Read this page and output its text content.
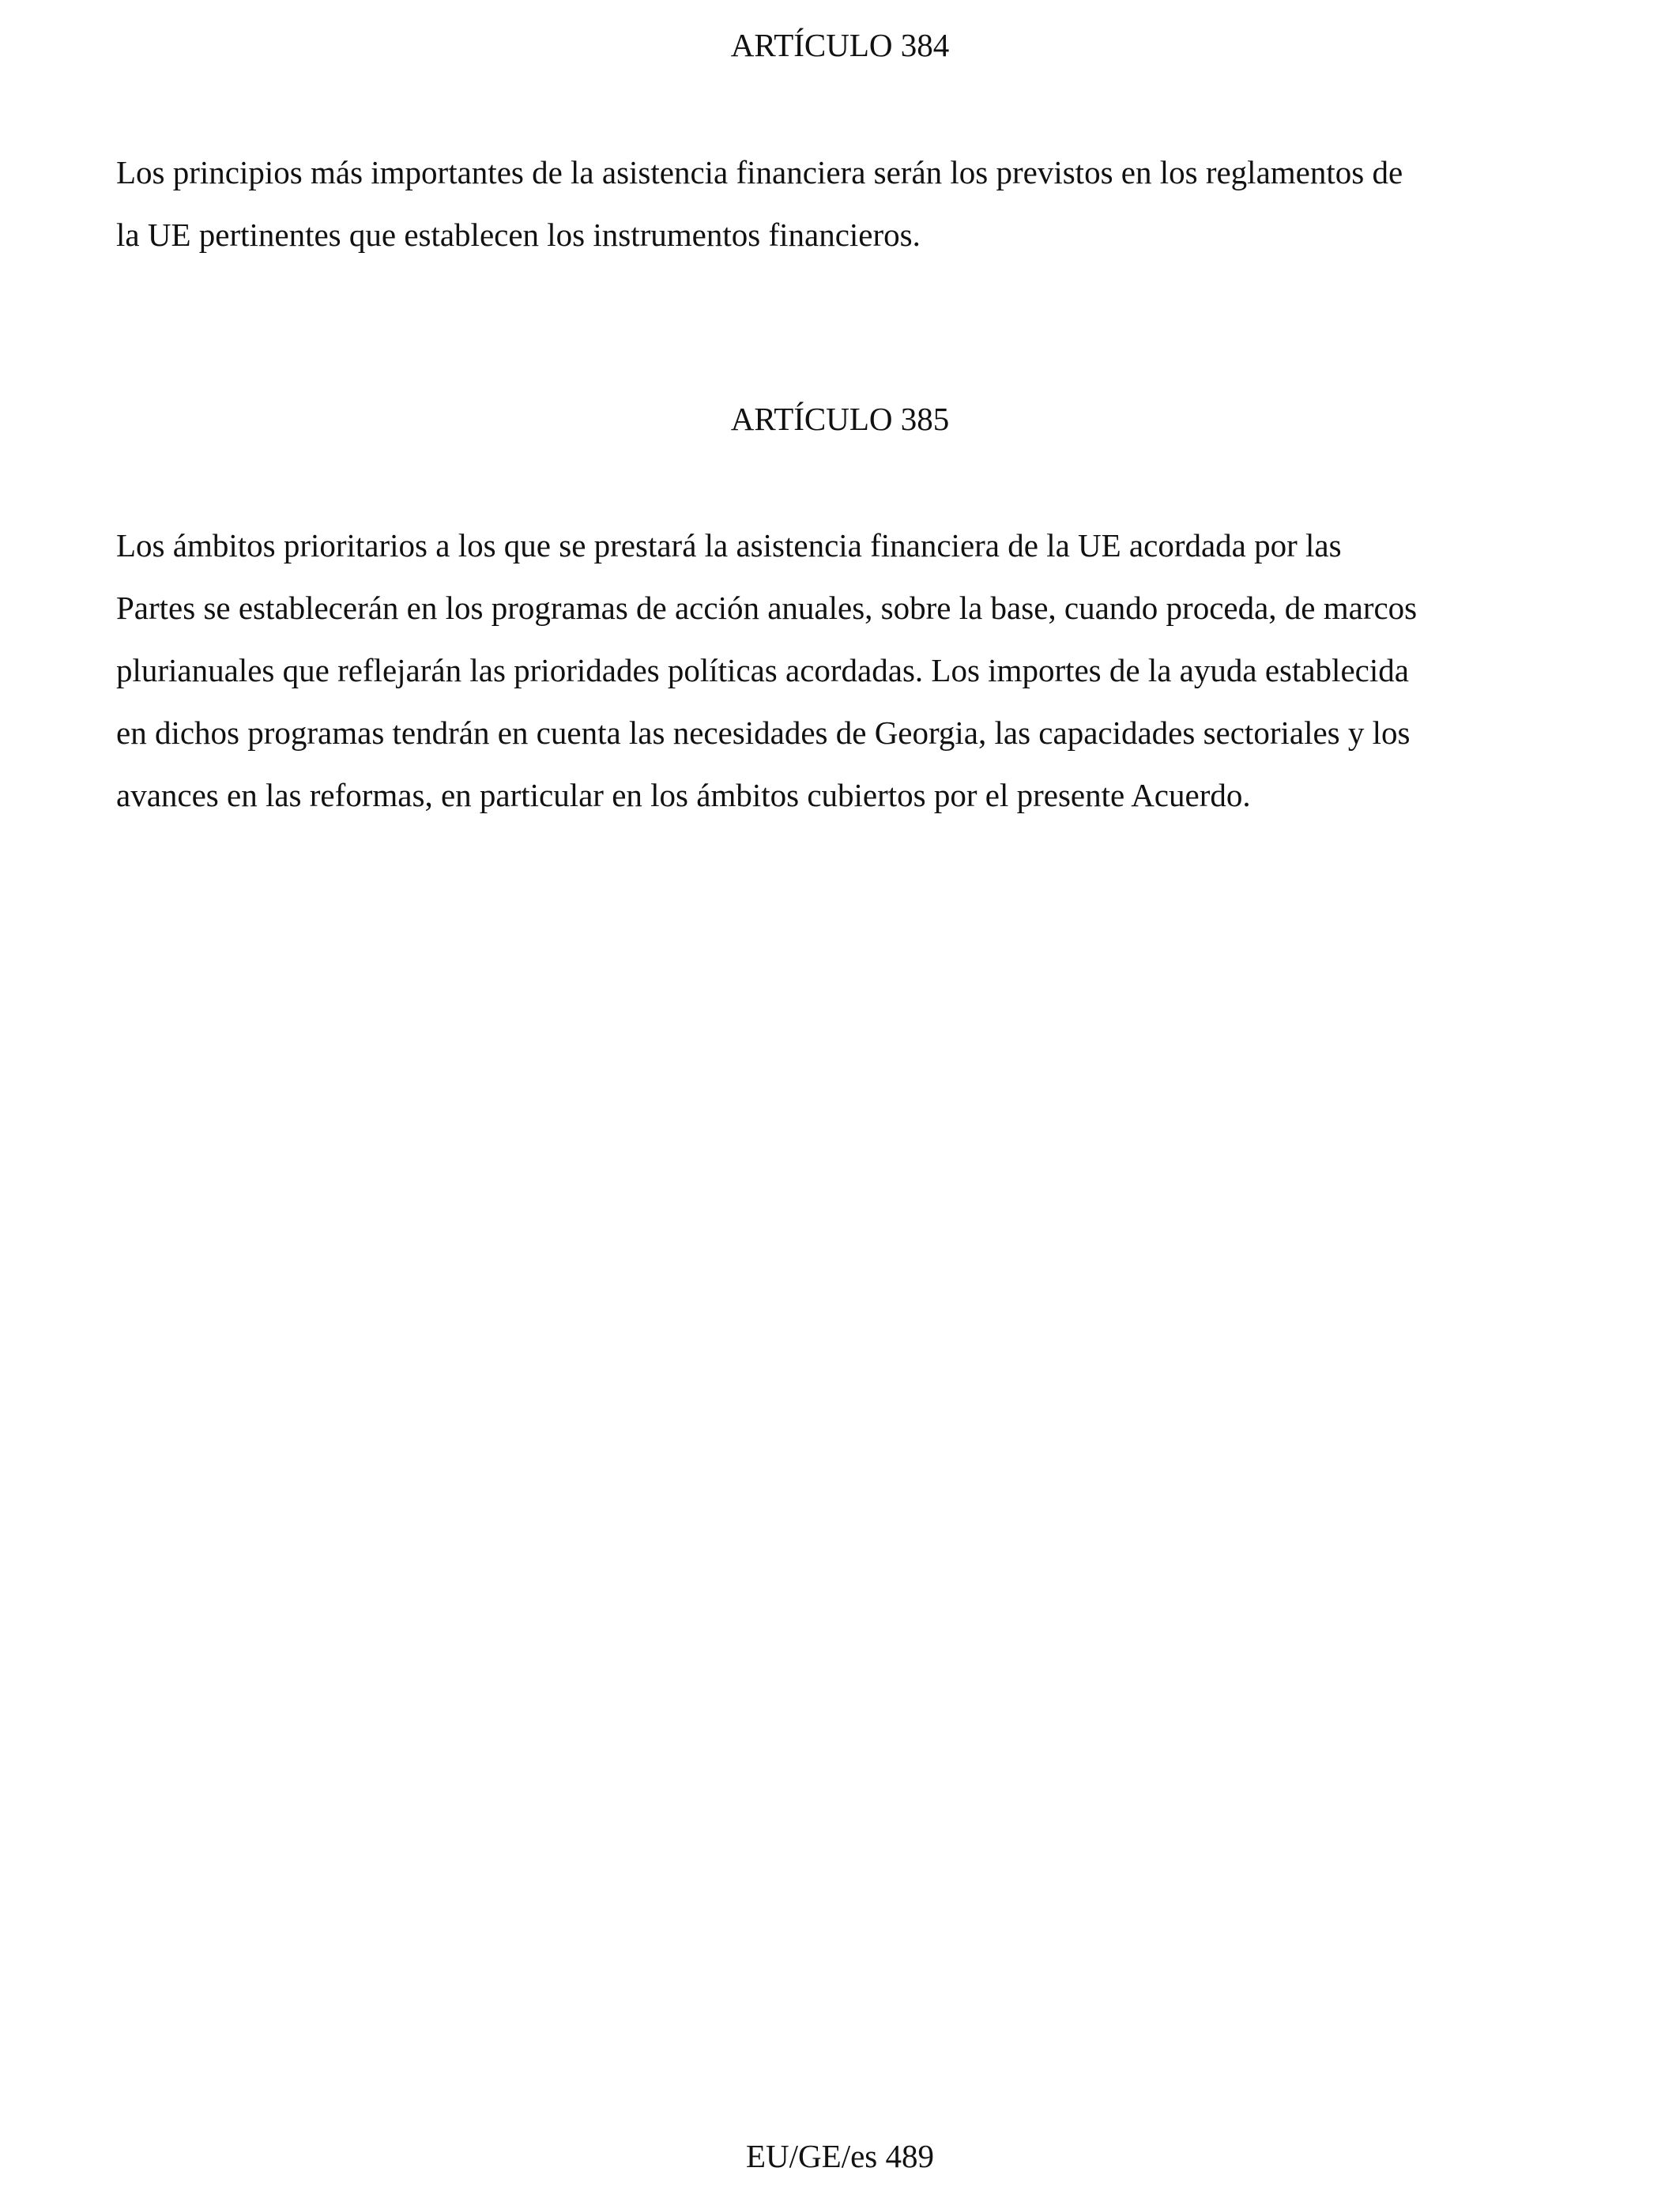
ARTÍCULO 384

Los principios más importantes de la asistencia financiera serán los previstos en los reglamentos de
la UE pertinentes que establecen los instrumentos financieros.

ARTÍCULO 385

Los ámbitos prioritarios a los que se prestará la asistencia financiera de la UE acordada por las
Partes se establecerán en los programas de acción anuales, sobre la base, cuando proceda, de marcos
plurianuales que reflejarán las prioridades políticas acordadas. Los importes de la ayuda establecida
en dichos programas tendrán en cuenta las necesidades de Georgia, las capacidades sectoriales y los
avances en las reformas, en particular en los ámbitos cubiertos por el presente Acuerdo.

EU/GE/es 489
